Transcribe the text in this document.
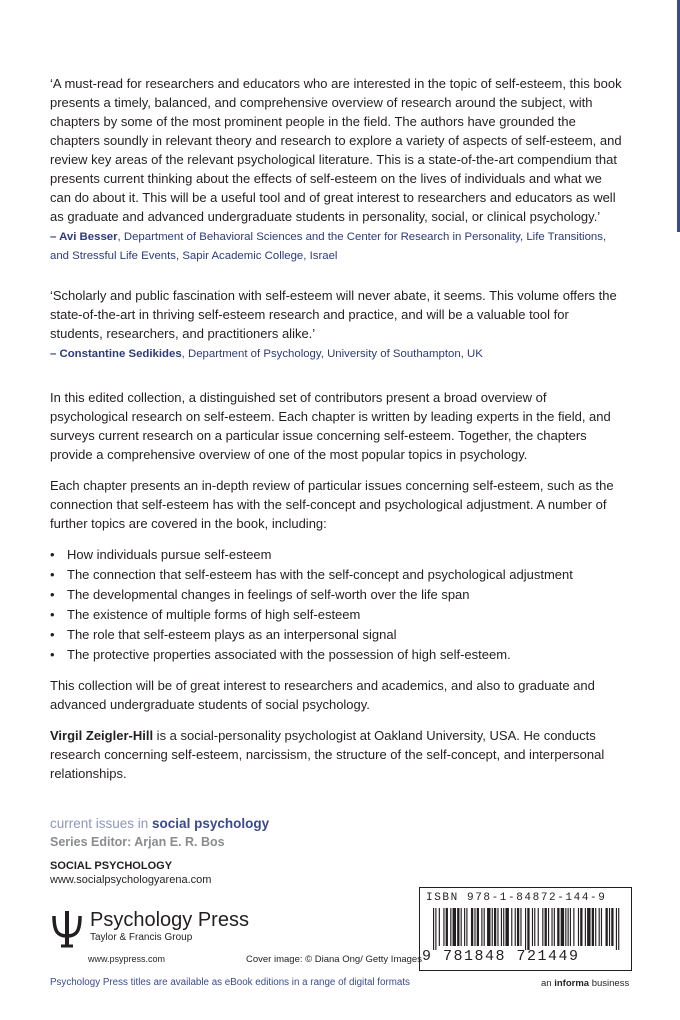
‘A must-read for researchers and educators who are interested in the topic of self-esteem, this book presents a timely, balanced, and comprehensive overview of research around the subject, with chapters by some of the most prominent people in the field. The authors have grounded the chapters soundly in relevant theory and research to explore a variety of aspects of self-esteem, and review key areas of the relevant psychological literature. This is a state-of-the-art compendium that presents current thinking about the effects of self-esteem on the lives of individuals and what we can do about it. This will be a useful tool and of great interest to researchers and educators as well as graduate and advanced undergraduate students in personality, social, or clinical psychology.’

– Avi Besser, Department of Behavioral Sciences and the Center for Research in Personality, Life Transitions, and Stressful Life Events, Sapir Academic College, Israel

‘Scholarly and public fascination with self-esteem will never abate, it seems. This volume offers the state-of-the-art in thriving self-esteem research and practice, and will be a valuable tool for students, researchers, and practitioners alike.’

– Constantine Sedikides, Department of Psychology, University of Southampton, UK

In this edited collection, a distinguished set of contributors present a broad overview of psychological research on self-esteem. Each chapter is written by leading experts in the field, and surveys current research on a particular issue concerning self-esteem. Together, the chapters provide a comprehensive overview of one of the most popular topics in psychology.

Each chapter presents an in-depth review of particular issues concerning self-esteem, such as the connection that self-esteem has with the self-concept and psychological adjustment. A number of further topics are covered in the book, including:

• How individuals pursue self-esteem
• The connection that self-esteem has with the self-concept and psychological adjustment
• The developmental changes in feelings of self-worth over the life span
• The existence of multiple forms of high self-esteem
• The role that self-esteem plays as an interpersonal signal
• The protective properties associated with the possession of high self-esteem.

This collection will be of great interest to researchers and academics, and also to graduate and advanced undergraduate students of social psychology.

Virgil Zeigler-Hill is a social-personality psychologist at Oakland University, USA. He conducts research concerning self-esteem, narcissism, the structure of the self-concept, and interpersonal relationships.

current issues in social psychology
Series Editor: Arjan E. R. Bos
SOCIAL PSYCHOLOGY
www.socialpsychologyarena.com
Psychology Press
Taylor & Francis Group
www.psypress.com	Cover image: © Diana Ong/ Getty Images
Psychology Press titles are available as eBook editions in a range of digital formats
ISBN 978-1-84872-144-9
9 781848 721449
an informa business
